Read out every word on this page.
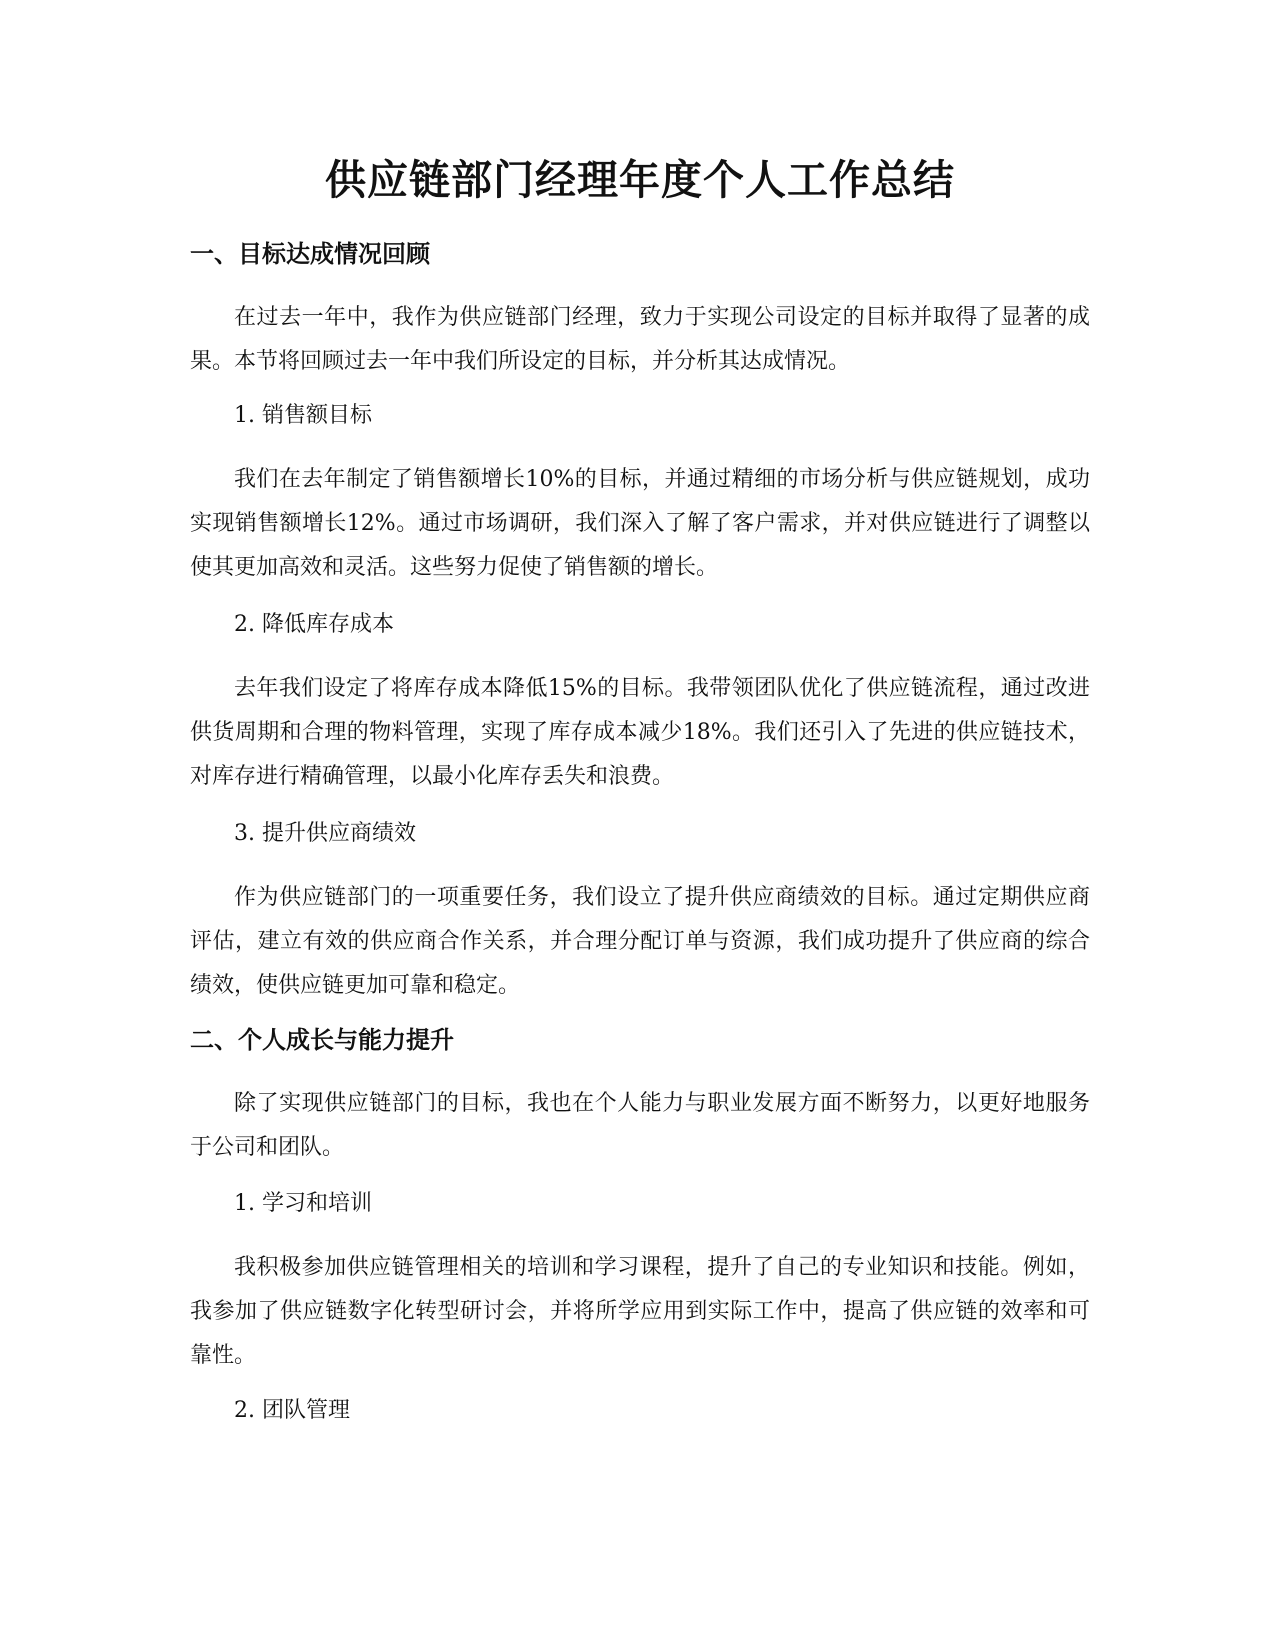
供应链部门经理年度个人工作总结
一、目标达成情况回顾

在过去一年中，我作为供应链部门经理，致力于实现公司设定的目标并取得了显著的成果。本节将回顾过去一年中我们所设定的目标，并分析其达成情况。

1. 销售额目标

我们在去年制定了销售额增长10%的目标，并通过精细的市场分析与供应链规划，成功实现销售额增长12%。通过市场调研，我们深入了解了客户需求，并对供应链进行了调整以使其更加高效和灵活。这些努力促使了销售额的增长。

2. 降低库存成本

去年我们设定了将库存成本降低15%的目标。我带领团队优化了供应链流程，通过改进供货周期和合理的物料管理，实现了库存成本减少18%。我们还引入了先进的供应链技术，对库存进行精确管理，以最小化库存丢失和浪费。

3. 提升供应商绩效

作为供应链部门的一项重要任务，我们设立了提升供应商绩效的目标。通过定期供应商评估，建立有效的供应商合作关系，并合理分配订单与资源，我们成功提升了供应商的综合绩效，使供应链更加可靠和稳定。

二、个人成长与能力提升

除了实现供应链部门的目标，我也在个人能力与职业发展方面不断努力，以更好地服务于公司和团队。

1. 学习和培训

我积极参加供应链管理相关的培训和学习课程，提升了自己的专业知识和技能。例如，我参加了供应链数字化转型研讨会，并将所学应用到实际工作中，提高了供应链的效率和可靠性。

2. 团队管理
